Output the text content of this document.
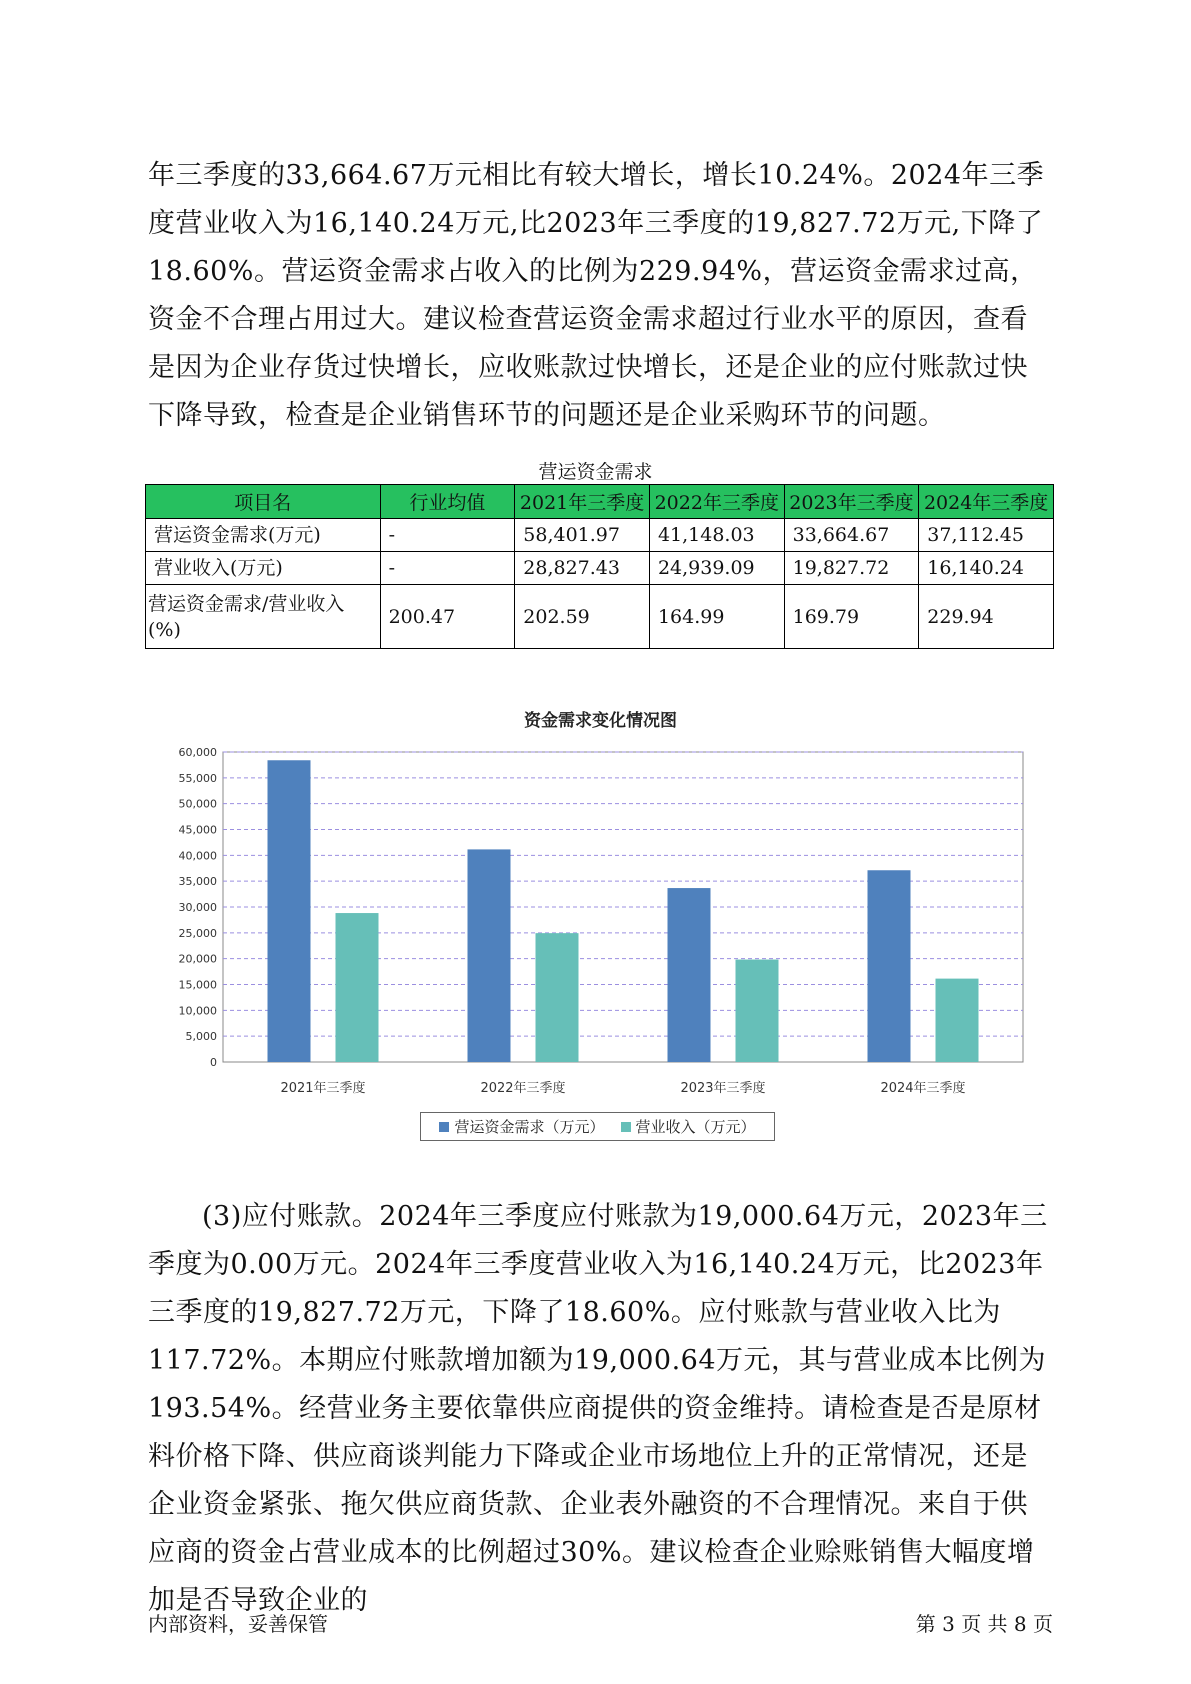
年三季度的33,664.67万元相比有较大增长，增长10.24%。2024年三季度营业收入为16,140.24万元,比2023年三季度的19,827.72万元,下降了18.60%。营运资金需求占收入的比例为229.94%，营运资金需求过高，资金不合理占用过大。建议检查营运资金需求超过行业水平的原因，查看是因为企业存货过快增长，应收账款过快增长，还是企业的应付账款过快下降导致，检查是企业销售环节的问题还是企业采购环节的问题。

营运资金需求
项目名	行业均值	2021年三季度	2022年三季度	2023年三季度	2024年三季度
营运资金需求(万元)	-	58,401.97	41,148.03	33,664.67	37,112.45
营业收入(万元)	-	28,827.43	24,939.09	19,827.72	16,140.24
营运资金需求/营业收入(%)	200.47	202.59	164.99	169.79	229.94
资金需求变化情况图
0
5,000
10,000
15,000
20,000
25,000
30,000
35,000
40,000
45,000
50,000
55,000
60,000
2021年三季度	2022年三季度	2023年三季度	2024年三季度
营运资金需求（万元） 营业收入（万元）

(3)应付账款。2024年三季度应付账款为19,000.64万元，2023年三季度为0.00万元。2024年三季度营业收入为16,140.24万元，比2023年三季度的19,827.72万元，下降了18.60%。应付账款与营业收入比为117.72%。本期应付账款增加额为19,000.64万元，其与营业成本比例为193.54%。经营业务主要依靠供应商提供的资金维持。请检查是否是原材料价格下降、供应商谈判能力下降或企业市场地位上升的正常情况，还是企业资金紧张、拖欠供应商货款、企业表外融资的不合理情况。来自于供应商的资金占营业成本的比例超过30%。建议检查企业赊账销售大幅度增加是否导致企业的

内部资料，妥善保管	第 3 页 共 8 页
